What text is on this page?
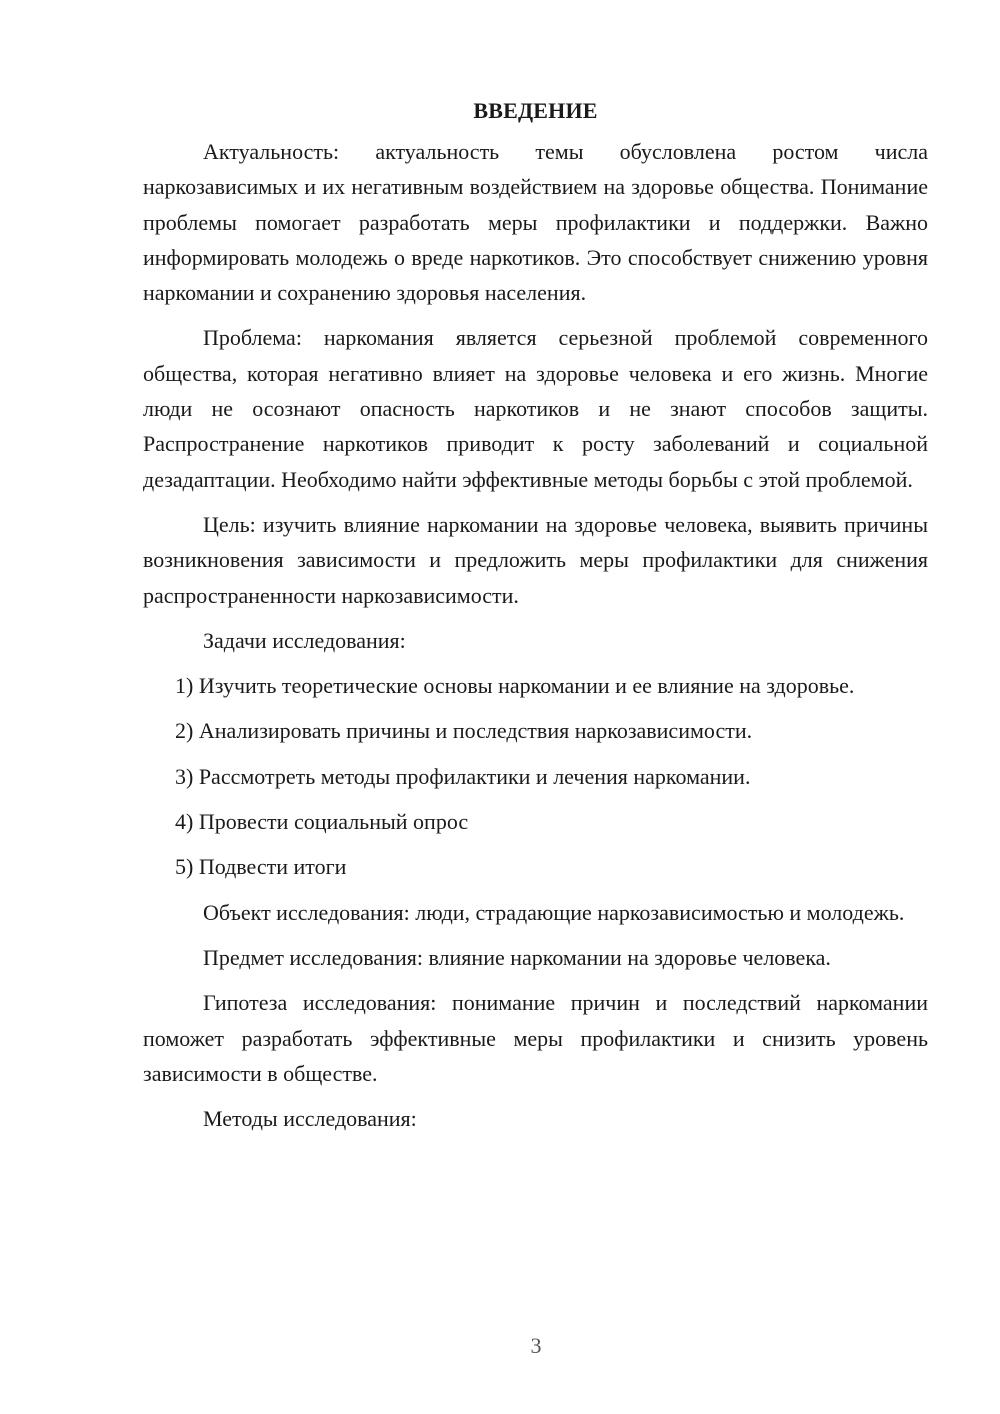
ВВЕДЕНИЕ

Актуальность: актуальность темы обусловлена ростом числа наркозависимых и их негативным воздействием на здоровье общества. Понимание проблемы помогает разработать меры профилактики и поддержки. Важно информировать молодежь о вреде наркотиков. Это способствует снижению уровня наркомании и сохранению здоровья населения.

Проблема: наркомания является серьезной проблемой современного общества, которая негативно влияет на здоровье человека и его жизнь. Многие люди не осознают опасность наркотиков и не знают способов защиты. Распространение наркотиков приводит к росту заболеваний и социальной дезадаптации. Необходимо найти эффективные методы борьбы с этой проблемой.

Цель: изучить влияние наркомании на здоровье человека, выявить причины возникновения зависимости и предложить меры профилактики для снижения распространенности наркозависимости.

Задачи исследования:

1) Изучить теоретические основы наркомании и ее влияние на здоровье.

2) Анализировать причины и последствия наркозависимости.

3) Рассмотреть методы профилактики и лечения наркомании.

4) Провести социальный опрос

5) Подвести итоги

Объект исследования: люди, страдающие наркозависимостью и молодежь.

Предмет исследования: влияние наркомании на здоровье человека.

Гипотеза исследования: понимание причин и последствий наркомании поможет разработать эффективные меры профилактики и снизить уровень зависимости в обществе.

Методы исследования:

3
